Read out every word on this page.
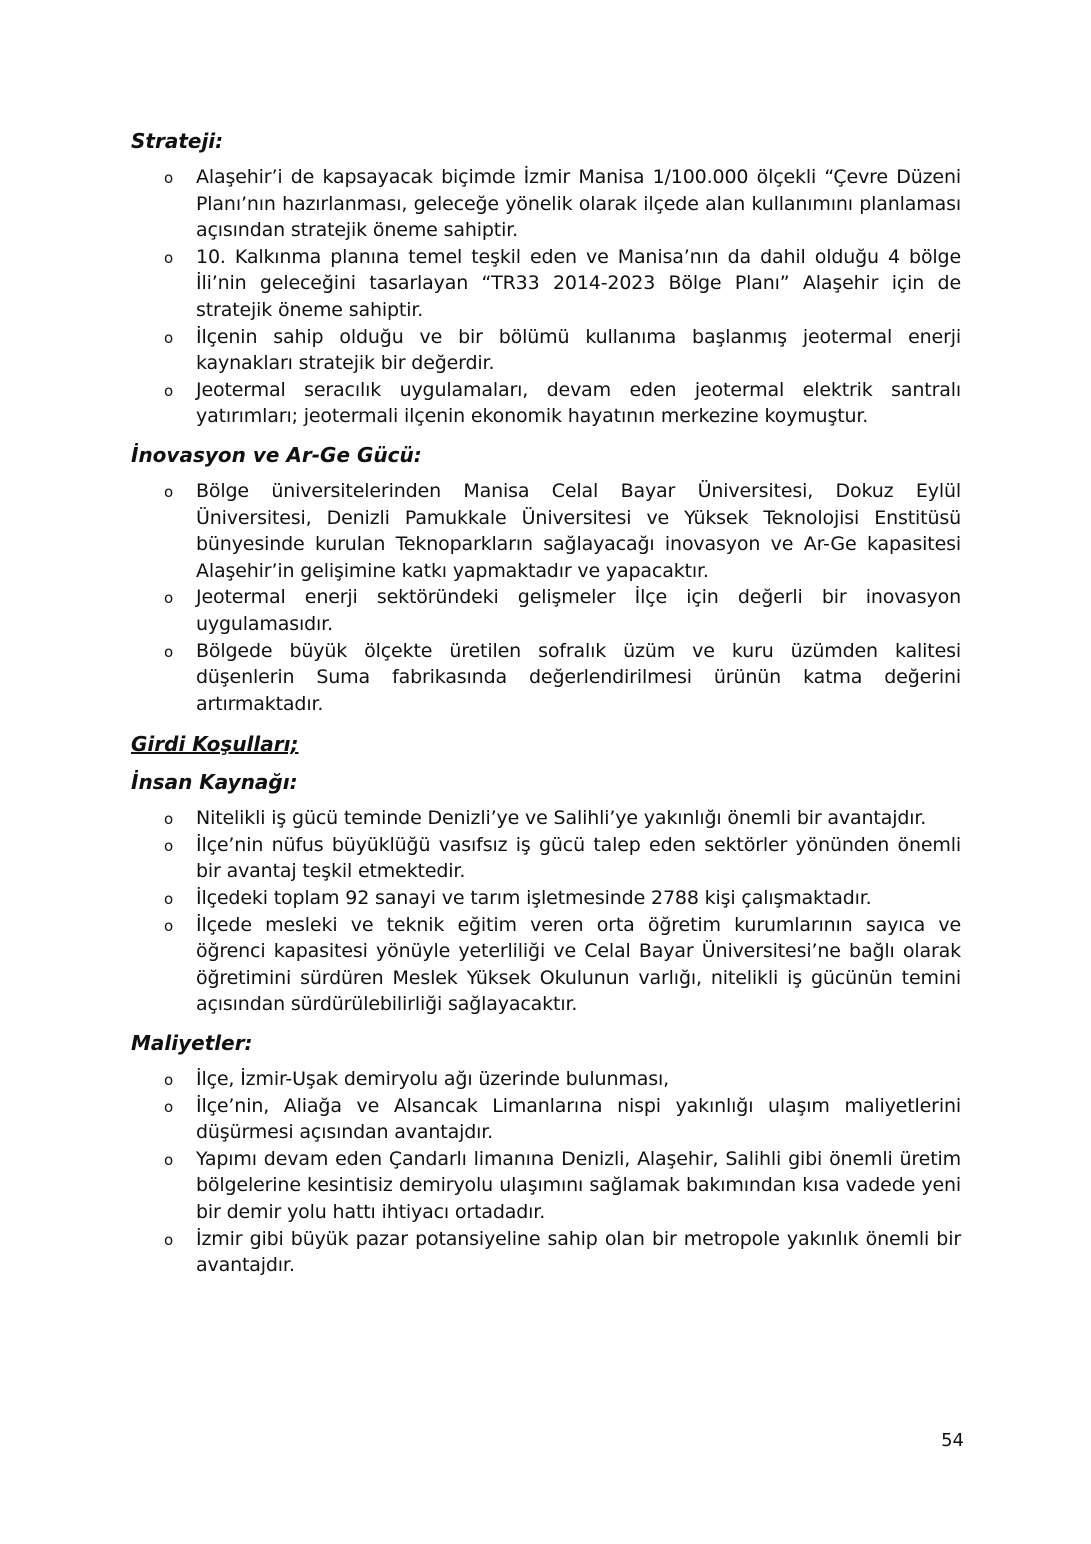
Strateji:
o Alaşehir’i de kapsayacak biçimde İzmir Manisa 1/100.000 ölçekli “Çevre Düzeni Planı’nın hazırlanması, geleceğe yönelik olarak ilçede alan kullanımını planlaması açısından stratejik öneme sahiptir.
o 10. Kalkınma planına temel teşkil eden ve Manisa’nın da dahil olduğu 4 bölge İli’nin geleceğini tasarlayan “TR33 2014-2023 Bölge Planı” Alaşehir için de stratejik öneme sahiptir.
o İlçenin sahip olduğu ve bir bölümü kullanıma başlanmış jeotermal enerji kaynakları stratejik bir değerdir.
o Jeotermal seracılık uygulamaları, devam eden jeotermal elektrik santralı yatırımları; jeotermali ilçenin ekonomik hayatının merkezine koymuştur.
İnovasyon ve Ar-Ge Gücü:
o Bölge üniversitelerinden Manisa Celal Bayar Üniversitesi, Dokuz Eylül Üniversitesi, Denizli Pamukkale Üniversitesi ve Yüksek Teknolojisi Enstitüsü bünyesinde kurulan Teknoparkların sağlayacağı inovasyon ve Ar-Ge kapasitesi Alaşehir’in gelişimine katkı yapmaktadır ve yapacaktır.
o Jeotermal enerji sektöründeki gelişmeler İlçe için değerli bir inovasyon uygulamasıdır.
o Bölgede büyük ölçekte üretilen sofralık üzüm ve kuru üzümden kalitesi düşenlerin Suma fabrikasında değerlendirilmesi ürünün katma değerini artırmaktadır.
Girdi Koşulları;
İnsan Kaynağı:
o Nitelikli iş gücü teminde Denizli’ye ve Salihli’ye yakınlığı önemli bir avantajdır.
o İlçe’nin nüfus büyüklüğü vasıfsız iş gücü talep eden sektörler yönünden önemli bir avantaj teşkil etmektedir.
o İlçedeki toplam 92 sanayi ve tarım işletmesinde 2788 kişi çalışmaktadır.
o İlçede mesleki ve teknik eğitim veren orta öğretim kurumlarının sayıca ve öğrenci kapasitesi yönüyle yeterliliği ve Celal Bayar Üniversitesi’ne bağlı olarak öğretimini sürdüren Meslek Yüksek Okulunun varlığı, nitelikli iş gücünün temini açısından sürdürülebilirliği sağlayacaktır.
Maliyetler:
o İlçe, İzmir-Uşak demiryolu ağı üzerinde bulunması,
o İlçe’nin, Aliağa ve Alsancak Limanlarına nispi yakınlığı ulaşım maliyetlerini düşürmesi açısından avantajdır.
o Yapımı devam eden Çandarlı limanına Denizli, Alaşehir, Salihli gibi önemli üretim bölgelerine kesintisiz demiryolu ulaşımını sağlamak bakımından kısa vadede yeni bir demir yolu hattı ihtiyacı ortadadır.
o İzmir gibi büyük pazar potansiyeline sahip olan bir metropole yakınlık önemli bir avantajdır.
54
